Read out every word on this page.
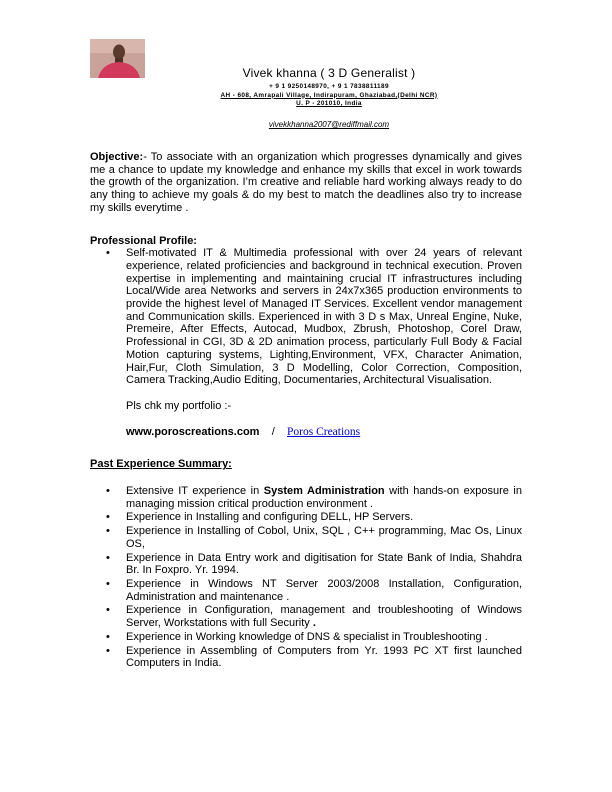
Vivek khanna ( 3 D Generalist )
+ 9 1 9250148970, + 9 1 7838811189
AH - 608, Amrapali Village, Indirapuram, Ghaziabad,(Delhi NCR)
U. P - 201010, India
vivekkhanna2007@rediffmail.com

Objective:- To associate with an organization which progresses dynamically and gives me a chance to update my knowledge and enhance my skills that excel in work towards the growth of the organization. I’m creative and reliable hard working always ready to do any thing to achieve my goals & do my best to match the deadlines also try to increase my skills everytime .

Professional Profile:
• Self-motivated IT & Multimedia professional with over 24 years of relevant experience, related proficiencies and background in technical execution. Proven expertise in implementing and maintaining crucial IT infrastructures including Local/Wide area Networks and servers in 24x7x365 production environments to provide the highest level of Managed IT Services. Excellent vendor management and Communication skills. Experienced in with 3 D s Max, Unreal Engine, Nuke, Premeire, After Effects, Autocad, Mudbox, Zbrush, Photoshop, Corel Draw, Professional in CGI, 3D & 2D animation process, particularly Full Body & Facial Motion capturing systems, Lighting,Environment, VFX, Character Animation, Hair,Fur, Cloth Simulation, 3 D Modelling, Color Correction, Composition, Camera Tracking,Audio Editing, Documentaries, Architectural Visualisation.
Pls chk my portfolio :-
www.poroscreations.com / Poros Creations
Past Experience Summary:
• Extensive IT experience in System Administration with hands-on exposure in managing mission critical production environment .
• Experience in Installing and configuring DELL, HP Servers.
• Experience in Installing of Cobol, Unix, SQL , C++ programming, Mac Os, Linux OS,
• Experience in Data Entry work and digitisation for State Bank of India, Shahdra Br. In Foxpro. Yr. 1994.
• Experience in Windows NT Server 2003/2008 Installation, Configuration, Administration and maintenance .
• Experience in Configuration, management and troubleshooting of Windows Server, Workstations with full Security .
• Experience in Working knowledge of DNS & specialist in Troubleshooting .
• Experience in Assembling of Computers from Yr. 1993 PC XT first launched Computers in India.
